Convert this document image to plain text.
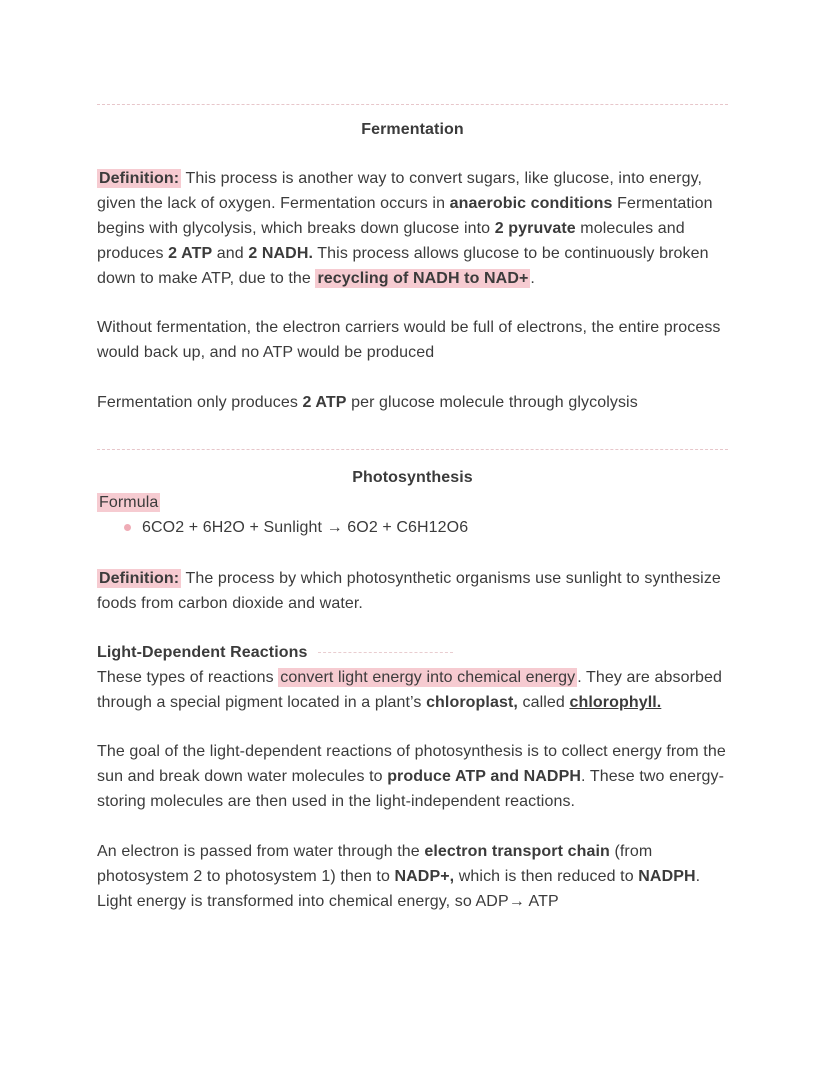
Fermentation

Definition: This process is another way to convert sugars, like glucose, into energy, given the lack of oxygen. Fermentation occurs in anaerobic conditions Fermentation begins with glycolysis, which breaks down glucose into 2 pyruvate molecules and produces 2 ATP and 2 NADH. This process allows glucose to be continuously broken down to make ATP, due to the recycling of NADH to NAD+ .

Without fermentation, the electron carriers would be full of electrons, the entire process would back up, and no ATP would be produced

Fermentation only produces 2 ATP per glucose molecule through glycolysis

Photosynthesis

Formula

6CO2 + 6H2O + Sunlight → 6O2 + C6H12O6

Definition: The process by which photosynthetic organisms use sunlight to synthesize foods from carbon dioxide and water.

Light-Dependent Reactions

These types of reactions convert light energy into chemical energy . They are absorbed through a special pigment located in a plant’s chloroplast, called chlorophyll.

The goal of the light-dependent reactions of photosynthesis is to collect energy from the sun and break down water molecules to produce ATP and NADPH. These two energy-storing molecules are then used in the light-independent reactions.

An electron is passed from water through the electron transport chain (from photosystem 2 to photosystem 1) then to NADP+, which is then reduced to NADPH. Light energy is transformed into chemical energy, so ADP→ ATP
